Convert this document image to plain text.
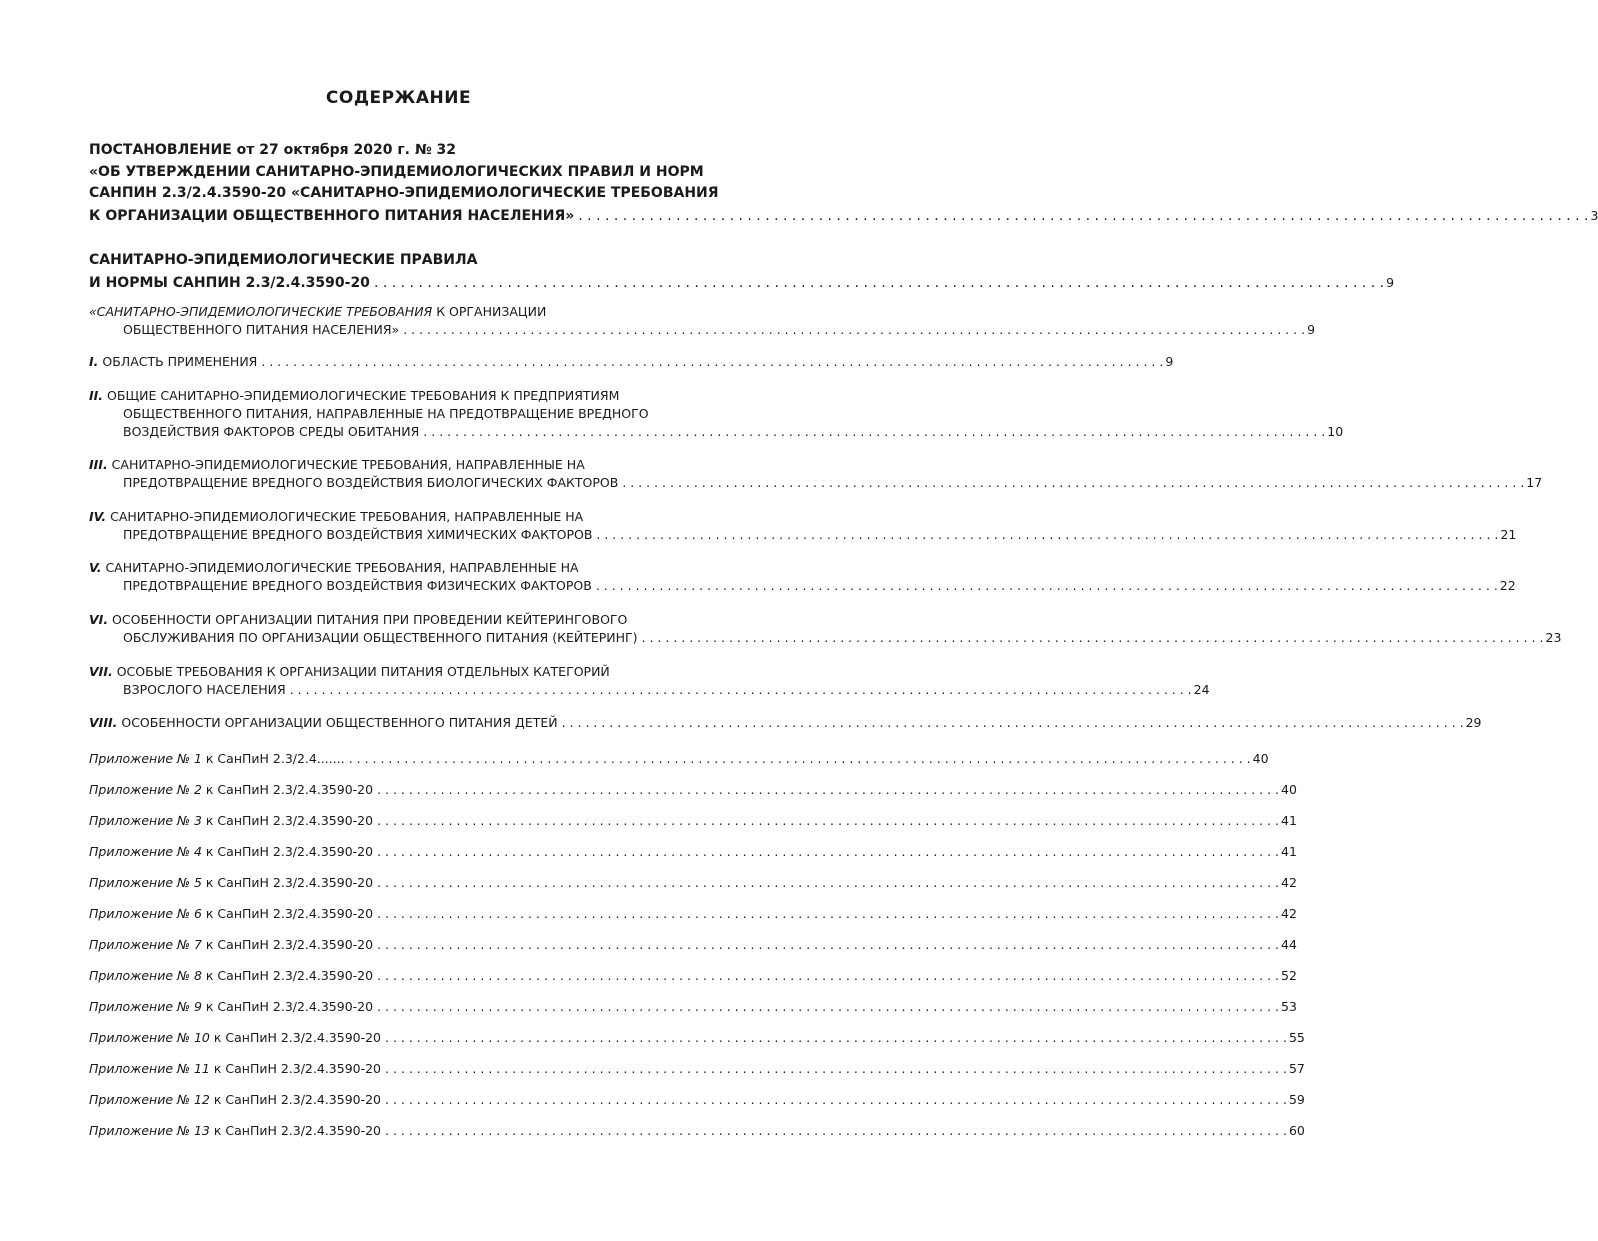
СОДЕРЖАНИЕ
ПОСТАНОВЛЕНИЕ от 27 октября 2020 г. № 32
«ОБ УТВЕРЖДЕНИИ САНИТАРНО-ЭПИДЕМИОЛОГИЧЕСКИХ ПРАВИЛ И НОРМ
САНПИН 2.3/2.4.3590-20 «САНИТАРНО-ЭПИДЕМИОЛОГИЧЕСКИЕ ТРЕБОВАНИЯ
К ОРГАНИЗАЦИИ ОБЩЕСТВЕННОГО ПИТАНИЯ НАСЕЛЕНИЯ» . . .	3
САНИТАРНО-ЭПИДЕМИОЛОГИЧЕСКИЕ ПРАВИЛА
И НОРМЫ САНПИН 2.3/2.4.3590-20 . . .	9
«САНИТАРНО-ЭПИДЕМИОЛОГИЧЕСКИЕ ТРЕБОВАНИЯ К ОРГАНИЗАЦИИ
ОБЩЕСТВЕННОГО ПИТАНИЯ НАСЕЛЕНИЯ» . . .	9
I. ОБЛАСТЬ ПРИМЕНЕНИЯ . . .	9
II. ОБЩИЕ САНИТАРНО-ЭПИДЕМИОЛОГИЧЕСКИЕ ТРЕБОВАНИЯ К ПРЕДПРИЯТИЯМ
ОБЩЕСТВЕННОГО ПИТАНИЯ, НАПРАВЛЕННЫЕ НА ПРЕДОТВРАЩЕНИЕ ВРЕДНОГО
ВОЗДЕЙСТВИЯ ФАКТОРОВ СРЕДЫ ОБИТАНИЯ . . .	10
III. САНИТАРНО-ЭПИДЕМИОЛОГИЧЕСКИЕ ТРЕБОВАНИЯ, НАПРАВЛЕННЫЕ НА
ПРЕДОТВРАЩЕНИЕ ВРЕДНОГО ВОЗДЕЙСТВИЯ БИОЛОГИЧЕСКИХ ФАКТОРОВ . . .	17
IV. САНИТАРНО-ЭПИДЕМИОЛОГИЧЕСКИЕ ТРЕБОВАНИЯ, НАПРАВЛЕННЫЕ НА
ПРЕДОТВРАЩЕНИЕ ВРЕДНОГО ВОЗДЕЙСТВИЯ ХИМИЧЕСКИХ ФАКТОРОВ . . .	21
V. САНИТАРНО-ЭПИДЕМИОЛОГИЧЕСКИЕ ТРЕБОВАНИЯ, НАПРАВЛЕННЫЕ НА
ПРЕДОТВРАЩЕНИЕ ВРЕДНОГО ВОЗДЕЙСТВИЯ ФИЗИЧЕСКИХ ФАКТОРОВ . . .	22
VI. ОСОБЕННОСТИ ОРГАНИЗАЦИИ ПИТАНИЯ ПРИ ПРОВЕДЕНИИ КЕЙТЕРИНГОВОГО
ОБСЛУЖИВАНИЯ ПО ОРГАНИЗАЦИИ ОБЩЕСТВЕННОГО ПИТАНИЯ (КЕЙТЕРИНГ) . . .	23
VII. ОСОБЫЕ ТРЕБОВАНИЯ К ОРГАНИЗАЦИИ ПИТАНИЯ ОТДЕЛЬНЫХ КАТЕГОРИЙ
ВЗРОСЛОГО НАСЕЛЕНИЯ . . .	24
VIII. ОСОБЕННОСТИ ОРГАНИЗАЦИИ ОБЩЕСТВЕННОГО ПИТАНИЯ ДЕТЕЙ . . .	29
Приложение № 1 к СанПиН 2.3/2.4....... . . .	40
Приложение № 2 к СанПиН 2.3/2.4.3590-20 . . .	40
Приложение № 3 к СанПиН 2.3/2.4.3590-20 . . .	41
Приложение № 4 к СанПиН 2.3/2.4.3590-20 . . .	41
Приложение № 5 к СанПиН 2.3/2.4.3590-20 . . .	42
Приложение № 6 к СанПиН 2.3/2.4.3590-20 . . .	42
Приложение № 7 к СанПиН 2.3/2.4.3590-20 . . .	44
Приложение № 8 к СанПиН 2.3/2.4.3590-20 . . .	52
Приложение № 9 к СанПиН 2.3/2.4.3590-20 . . .	53
Приложение № 10 к СанПиН 2.3/2.4.3590-20 . . .	55
Приложение № 11 к СанПиН 2.3/2.4.3590-20 . . .	57
Приложение № 12 к СанПиН 2.3/2.4.3590-20 . . .	59
Приложение № 13 к СанПиН 2.3/2.4.3590-20 . . .	60
